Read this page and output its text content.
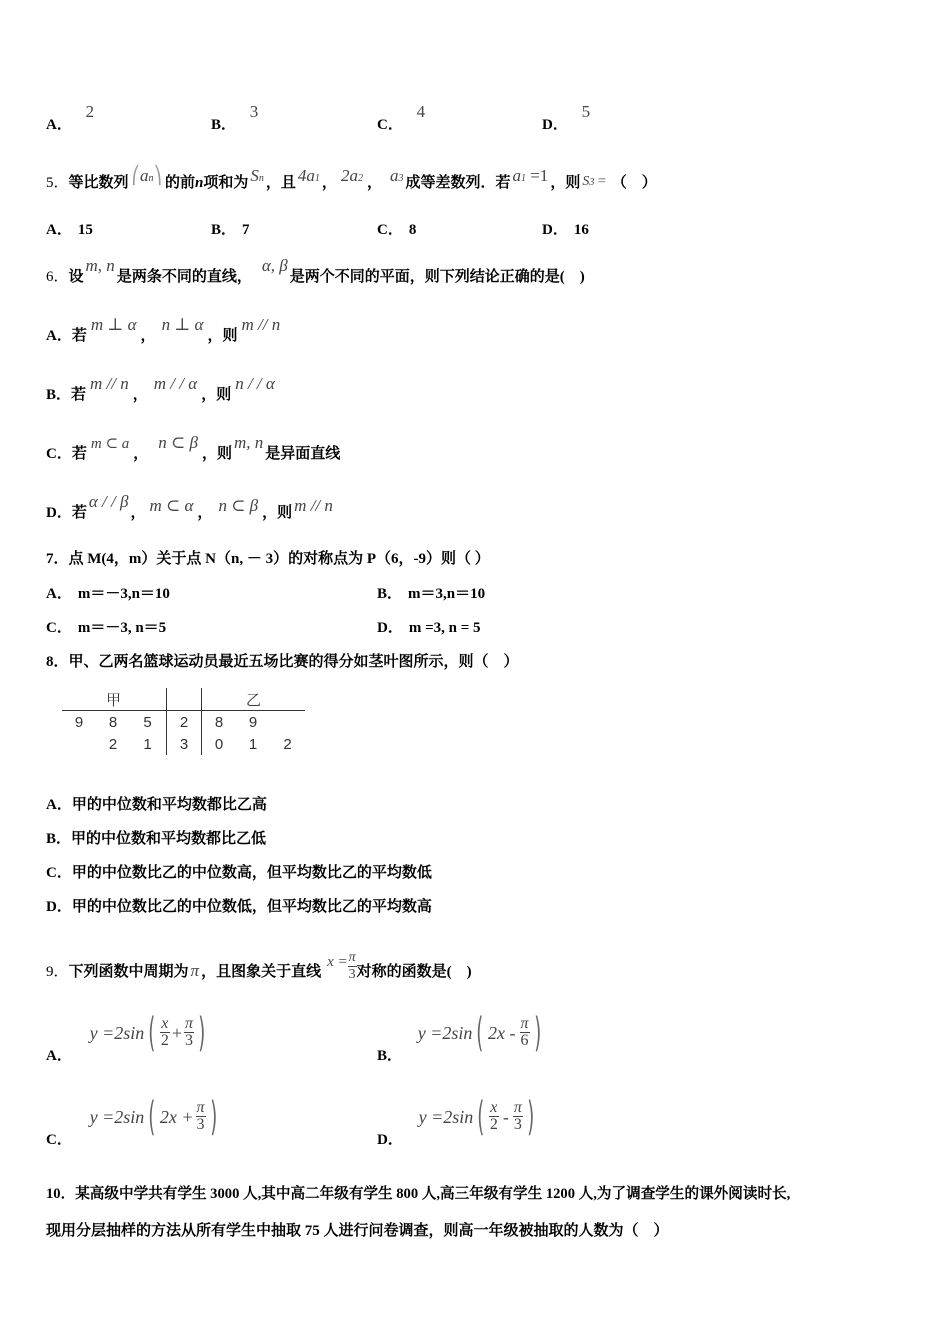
A． 2
B． 3
C． 4
D． 5
5．等比数列 ⎛an⎞ 的前n项和为 Sn ，且 4a1 ， 2a2 ， a3 成等差数列．若 a1 =1 ，则 S3 = （　）
A． 15	B． 7	C． 8	D． 16
6．设m, n是两条不同的直线，α, β是两个不同的平面，则下列结论正确的是(　)
A．若m ⊥ α，n ⊥ α，则m // n
B．若m // n，m / / α，则n / / α
C．若m ⊂ a，n ⊂ β，则m, n是异面直线
D．若α / / β， m ⊂ α ， n ⊂ β ，则 m // n
7．点 M(4，m）关于点 N（n, － 3）的对称点为 P（6，-9）则（ ）
A． m＝－3,n＝10	B． m＝3,n＝10
C． m＝－3, n＝5	D． m =3, n = 5
8．甲、乙两名篮球运动员最近五场比赛的得分如茎叶图所示，则（　）
甲					乙		
9	8	5		2	8	9	
	2	1		3	0	1	2
A．甲的中位数和平均数都比乙高
B．甲的中位数和平均数都比乙低
C．甲的中位数比乙的中位数高，但平均数比乙的平均数低
D．甲的中位数比乙的中位数低，但平均数比乙的平均数高
9．下列函数中周期为 π ，且图象关于直线$x = \frac{\pi}{3}$ 对称的函数是(　)
A． y =2sin ( $\frac{x}{2} + \frac{\pi}{3}$ )
B． y =2sin ( $2x - \frac{\pi}{6}$ )
C． y =2sin ( $2x + \frac{\pi}{3}$ )
D． y =2sin ( $\frac{x}{2} - \frac{\pi}{3}$ )
10．某高级中学共有学生 3000 人,其中高二年级有学生 800 人,高三年级有学生 1200 人,为了调查学生的课外阅读时长,
现用分层抽样的方法从所有学生中抽取 75 人进行问卷调查，则高一年级被抽取的人数为（　）
